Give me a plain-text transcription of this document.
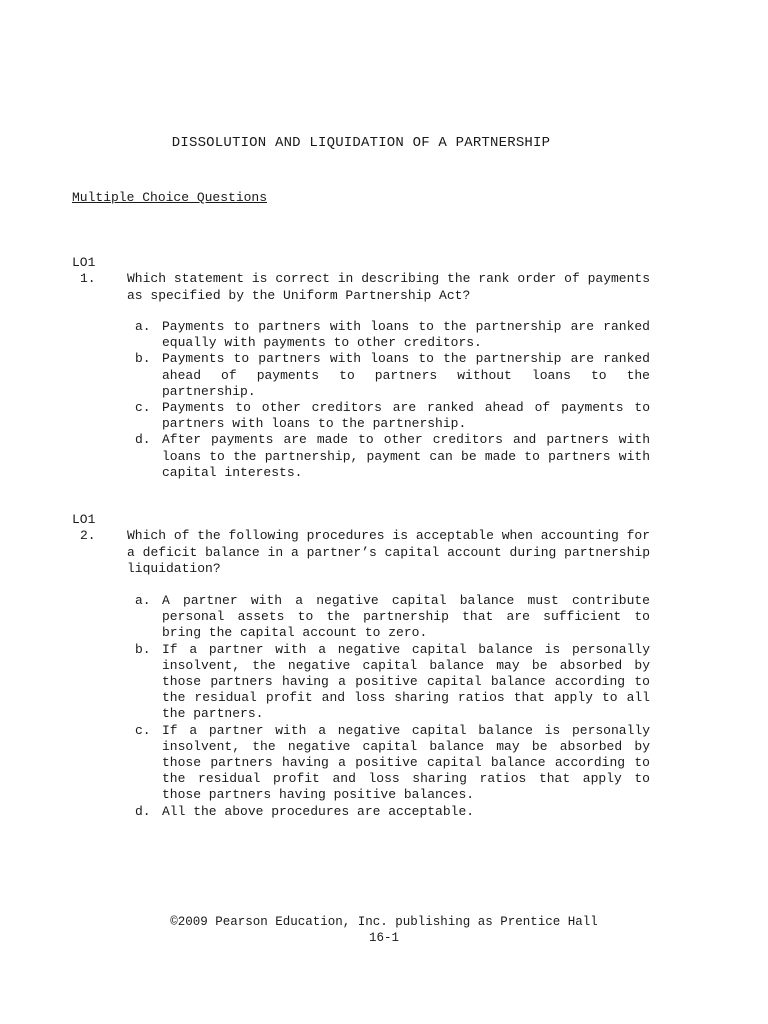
DISSOLUTION AND LIQUIDATION OF A PARTNERSHIP
Multiple Choice Questions
LO1
1. Which statement is correct in describing the rank order of payments as specified by the Uniform Partnership Act?
a. Payments to partners with loans to the partnership are ranked equally with payments to other creditors.
b. Payments to partners with loans to the partnership are ranked ahead of payments to partners without loans to the partnership.
c. Payments to other creditors are ranked ahead of payments to partners with loans to the partnership.
d. After payments are made to other creditors and partners with loans to the partnership, payment can be made to partners with capital interests.
LO1
2. Which of the following procedures is acceptable when accounting for a deficit balance in a partner’s capital account during partnership liquidation?
a. A partner with a negative capital balance must contribute personal assets to the partnership that are sufficient to bring the capital account to zero.
b. If a partner with a negative capital balance is personally insolvent, the negative capital balance may be absorbed by those partners having a positive capital balance according to the residual profit and loss sharing ratios that apply to all the partners.
c. If a partner with a negative capital balance is personally insolvent, the negative capital balance may be absorbed by those partners having a positive capital balance according to the residual profit and loss sharing ratios that apply to those partners having positive balances.
d. All the above procedures are acceptable.
©2009 Pearson Education, Inc. publishing as Prentice Hall
16-1
